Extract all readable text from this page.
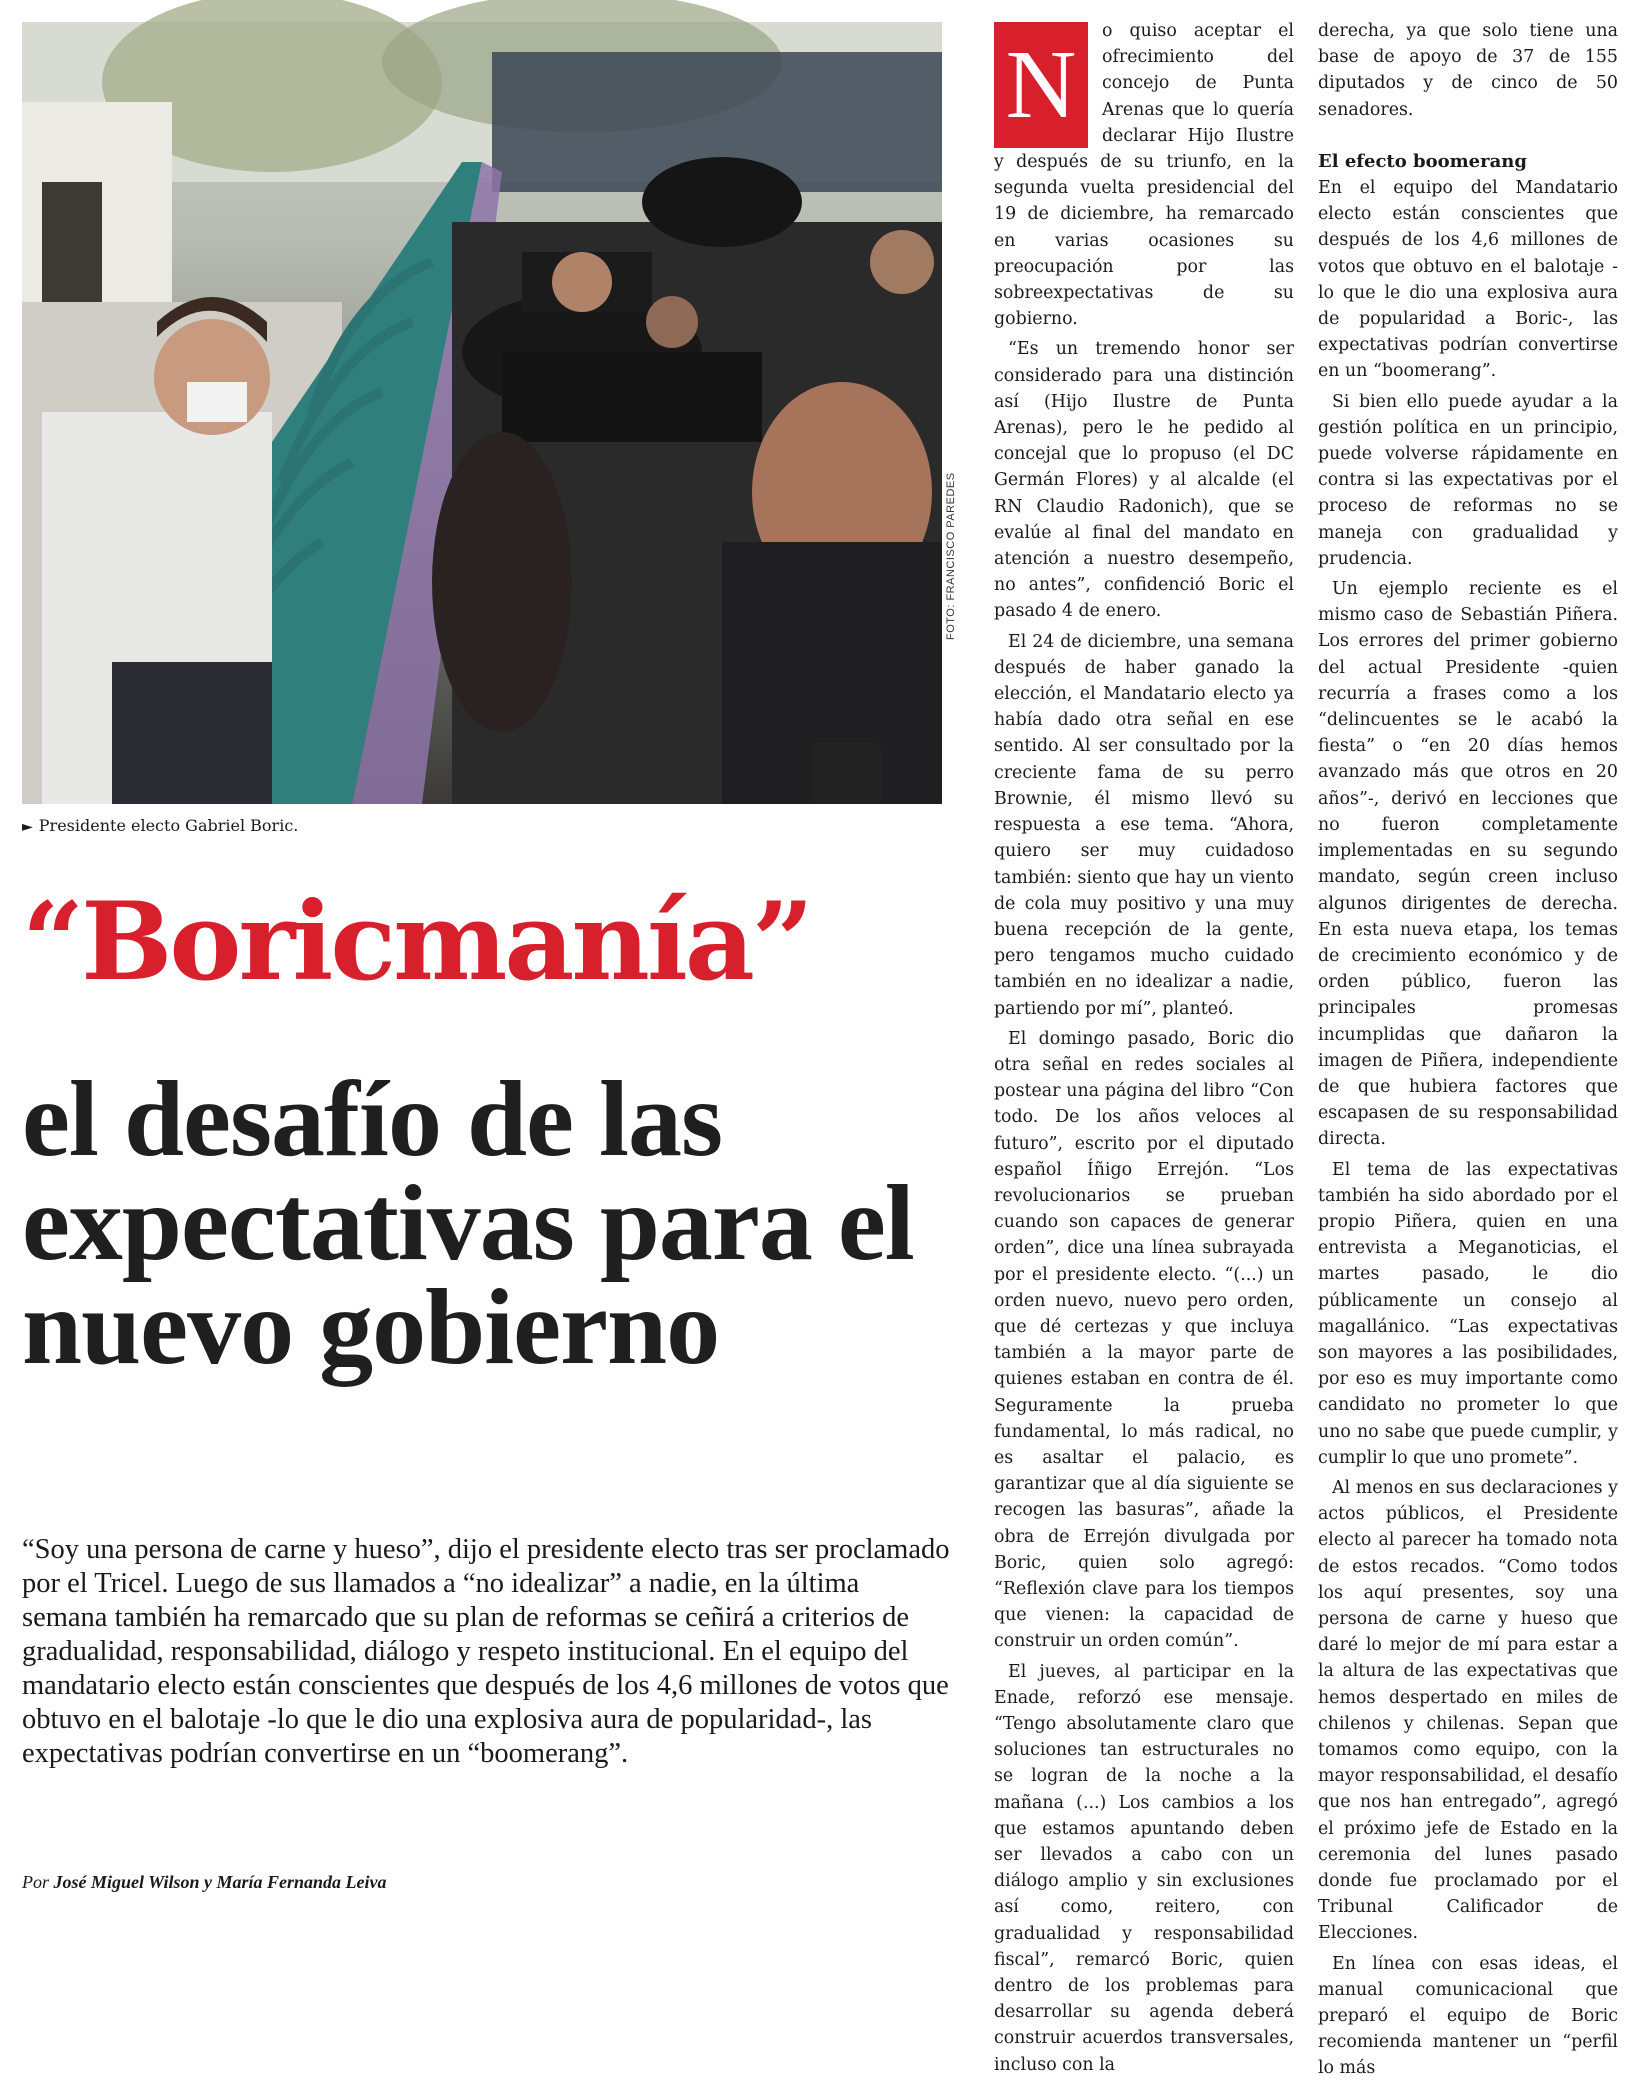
FOTO: FRANCISCO PAREDES
► Presidente electo Gabriel Boric.
“Boricmanía”
el desafío de las expectativas para el nuevo gobierno

“Soy una persona de carne y hueso”, dijo el presidente electo tras ser proclamado por el Tricel. Luego de sus llamados a “no idealizar” a nadie, en la última semana también ha remarcado que su plan de reformas se ceñirá a criterios de gradualidad, responsabilidad, diálogo y respeto institucional. En el equipo del mandatario electo están conscientes que después de los 4,6 millones de votos que obtuvo en el balotaje -lo que le dio una explosiva aura de popularidad-, las expectativas podrían convertirse en un “boomerang”.

Por José Miguel Wilson y María Fernanda Leiva
N	o quiso aceptar el ofrecimiento del concejo de Punta Arenas que lo quería declarar Hijo Ilustre y después de su triunfo, en la segunda vuelta presidencial del 19 de diciembre, ha remarcado en varias ocasiones su preocupación por las sobreexpectativas de su gobierno.

“Es un tremendo honor ser considerado para una distinción así (Hijo Ilustre de Punta Arenas), pero le he pedido al concejal que lo propuso (el DC Germán Flores) y al alcalde (el RN Claudio Radonich), que se evalúe al final del mandato en atención a nuestro desempeño, no antes”, confidenció Boric el pasado 4 de enero.

El 24 de diciembre, una semana después de haber ganado la elección, el Mandatario electo ya había dado otra señal en ese sentido. Al ser consultado por la creciente fama de su perro Brownie, él mismo llevó su respuesta a ese tema. “Ahora, quiero ser muy cuidadoso también: siento que hay un viento de cola muy positivo y una muy buena recepción de la gente, pero tengamos mucho cuidado también en no idealizar a nadie, partiendo por mí”, planteó.

El domingo pasado, Boric dio otra señal en redes sociales al postear una página del libro “Con todo. De los años veloces al futuro”, escrito por el diputado español Íñigo Errejón. “Los revolucionarios se prueban cuando son capaces de generar orden”, dice una línea subrayada por el presidente electo. “(...) un orden nuevo, nuevo pero orden, que dé certezas y que incluya también a la mayor parte de quienes estaban en contra de él. Seguramente la prueba fundamental, lo más radical, no es asaltar el palacio, es garantizar que al día siguiente se recogen las basuras”, añade la obra de Errejón divulgada por Boric, quien solo agregó: “Reflexión clave para los tiempos que vienen: la capacidad de construir un orden común”.

El jueves, al participar en la Enade, reforzó ese mensaje. “Tengo absolutamente claro que soluciones tan estructurales no se logran de la noche a la mañana (...) Los cambios a los que estamos apuntando deben ser llevados a cabo con un diálogo amplio y sin exclusiones así como, reitero, con gradualidad y responsabilidad fiscal”, remarcó Boric, quien dentro de los problemas para desarrollar su agenda deberá construir acuerdos transversales, incluso con la

derecha, ya que solo tiene una base de apoyo de 37 de 155 diputados y de cinco de 50 senadores.

El efecto boomerang

En el equipo del Mandatario electo están conscientes que después de los 4,6 millones de votos que obtuvo en el balotaje -lo que le dio una explosiva aura de popularidad a Boric-, las expectativas podrían convertirse en un “boomerang”.

Si bien ello puede ayudar a la gestión política en un principio, puede volverse rápidamente en contra si las expectativas por el proceso de reformas no se maneja con gradualidad y prudencia.

Un ejemplo reciente es el mismo caso de Sebastián Piñera. Los errores del primer gobierno del actual Presidente -quien recurría a frases como a los “delincuentes se le acabó la fiesta” o “en 20 días hemos avanzado más que otros en 20 años”-, derivó en lecciones que no fueron completamente implementadas en su segundo mandato, según creen incluso algunos dirigentes de derecha. En esta nueva etapa, los temas de crecimiento económico y de orden público, fueron las principales promesas incumplidas que dañaron la imagen de Piñera, independiente de que hubiera factores que escapasen de su responsabilidad directa.

El tema de las expectativas también ha sido abordado por el propio Piñera, quien en una entrevista a Meganoticias, el martes pasado, le dio públicamente un consejo al magallánico. “Las expectativas son mayores a las posibilidades, por eso es muy importante como candidato no prometer lo que uno no sabe que puede cumplir, y cumplir lo que uno promete”.

Al menos en sus declaraciones y actos públicos, el Presidente electo al parecer ha tomado nota de estos recados. “Como todos los aquí presentes, soy una persona de carne y hueso que daré lo mejor de mí para estar a la altura de las expectativas que hemos despertado en miles de chilenos y chilenas. Sepan que tomamos como equipo, con la mayor responsabilidad, el desafío que nos han entregado”, agregó el próximo jefe de Estado en la ceremonia del lunes pasado donde fue proclamado por el Tribunal Calificador de Elecciones.

En línea con esas ideas, el manual comunicacional que preparó el equipo de Boric recomienda mantener un “perfil lo más
